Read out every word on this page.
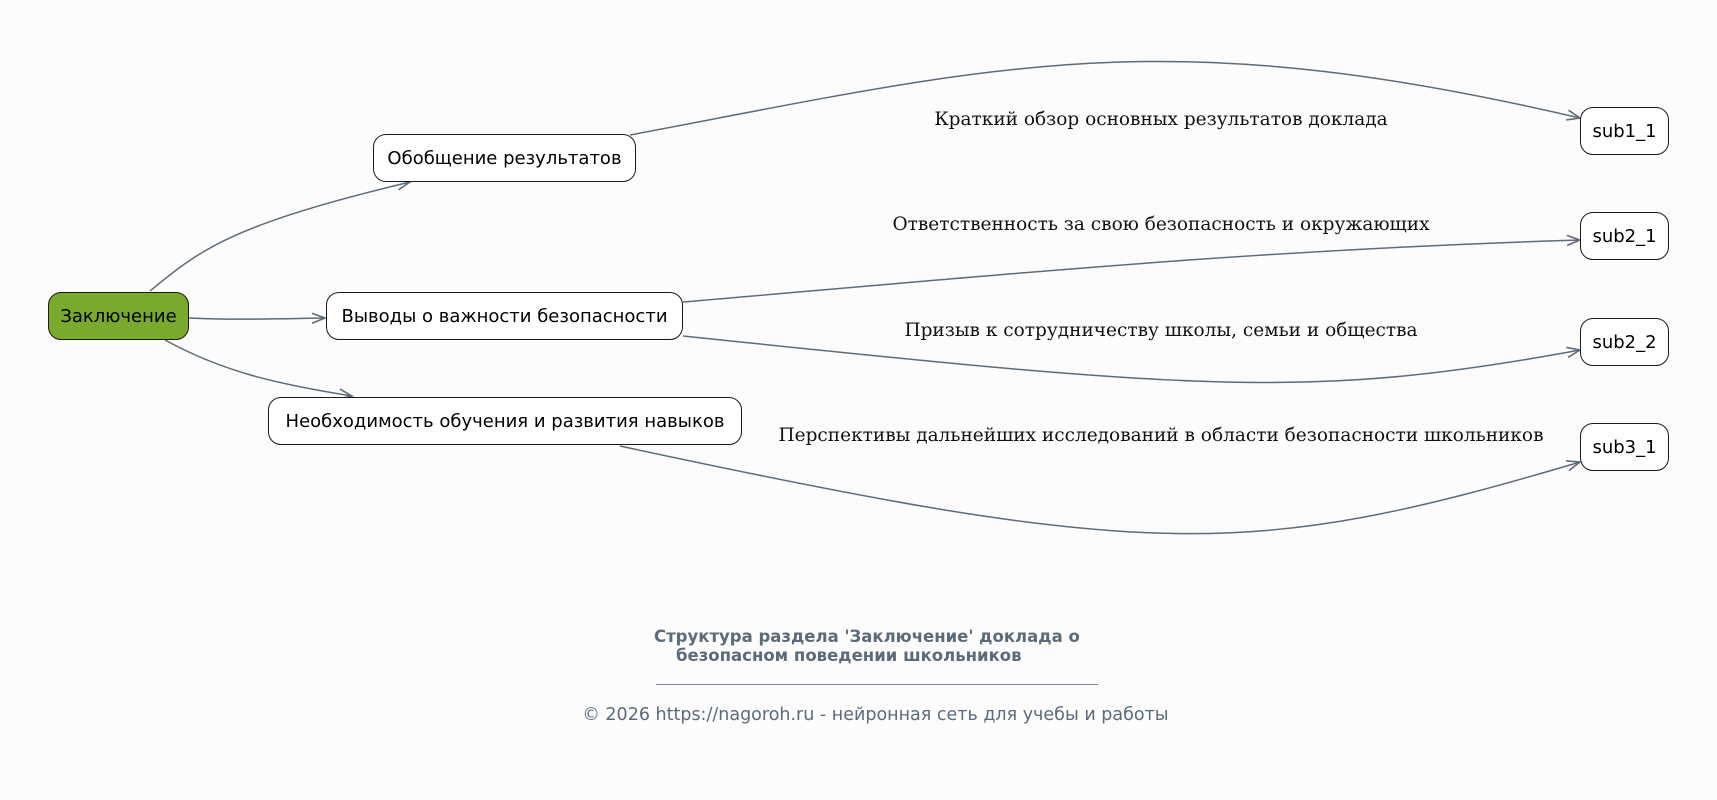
Заключение
Обобщение результатов
Выводы о важности безопасности
Необходимость обучения и развития навыков
sub1_1
sub2_1
sub2_2
sub3_1
Краткий обзор основных результатов доклада
Ответственность за свою безопасность и окружающих
Призыв к сотрудничеству школы, семьи и общества
Перспективы дальнейших исследований в области безопасности школьников
Структура раздела 'Заключение' доклада о
безопасном поведении школьников
© 2026 https://nagoroh.ru - нейронная сеть для учебы и работы
